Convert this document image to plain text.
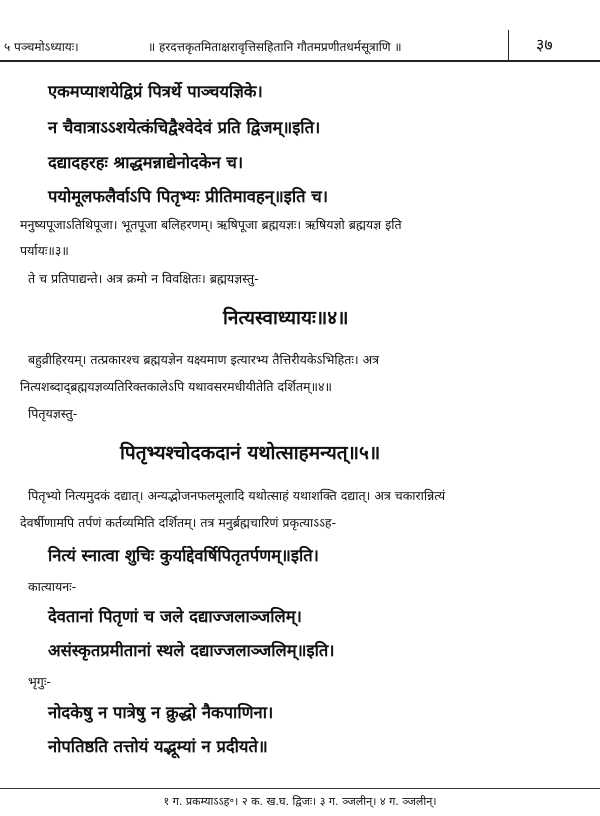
५ पञ्चमोऽध्यायः।	॥ हरदत्तकृतमिताक्षरावृत्तिसहितानि गौतमप्रणीतधर्मसूत्राणि ॥	३७
एकमप्याशयेद्विप्रं पित्रर्थे पाञ्चयज्ञिके।
न चैवात्राऽऽशयेत्कंचिद्वैश्वेदेवं प्रति द्विजम्॥इति।
दद्यादहरहः श्राद्धमन्नाद्येनोदकेन च।
पयोमूलफलैर्वाऽपि पितृभ्यः प्रीतिमावहन्॥इति च।
मनुष्यपूजाऽतिथिपूजा। भूतपूजा बलिहरणम्। ऋषिपूजा ब्रह्मयज्ञः। ऋषियज्ञो ब्रह्मयज्ञ इति
पर्यायः॥३॥
ते च प्रतिपाद्यन्ते। अत्र क्रमो न विवक्षितः। ब्रह्मयज्ञस्तु-
नित्यस्वाध्यायः॥४॥
बहुव्रीहिरयम्। तत्प्रकारश्च ब्रह्मयज्ञेन यक्ष्यमाण इत्यारभ्य तैत्तिरीयकेऽभिहितः। अत्र
नित्यशब्दाद्ब्रह्मयज्ञव्यतिरिक्तकालेऽपि यथावसरमधीयीतेति दर्शितम्॥४॥
पितृयज्ञस्तु-
पितृभ्यश्चोदकदानं यथोत्साहमन्यत्॥५॥
पितृभ्यो नित्यमुदकं दद्यात्। अन्यद्भोजनफलमूलादि यथोत्साहं यथाशक्ति दद्यात्। अत्र चकारान्नित्यं
देवर्षीणामपि तर्पणं कर्तव्यमिति दर्शितम्। तत्र मनुर्ब्रह्मचारिणं प्रकृत्याऽऽह-
नित्यं स्नात्वा शुचिः कुर्याद्देवर्षिपितृतर्पणम्॥इति।
कात्यायनः-
देवतानां पितृणां च जले दद्याज्जलाञ्जलिम्।
असंस्कृतप्रमीतानां स्थले दद्याज्जलाञ्जलिम्॥इति।
भृगुः-
नोदकेषु न पात्रेषु न क्रुद्धो नैकपाणिना।
नोपतिष्ठति तत्तोयं यद्भूम्यां न प्रदीयते॥
१ ग. प्रकम्याऽऽह॰। २ क. ख.घ. द्विजः। ३ ग. ञ्जलीन्। ४ ग. ञ्जलीन्।
